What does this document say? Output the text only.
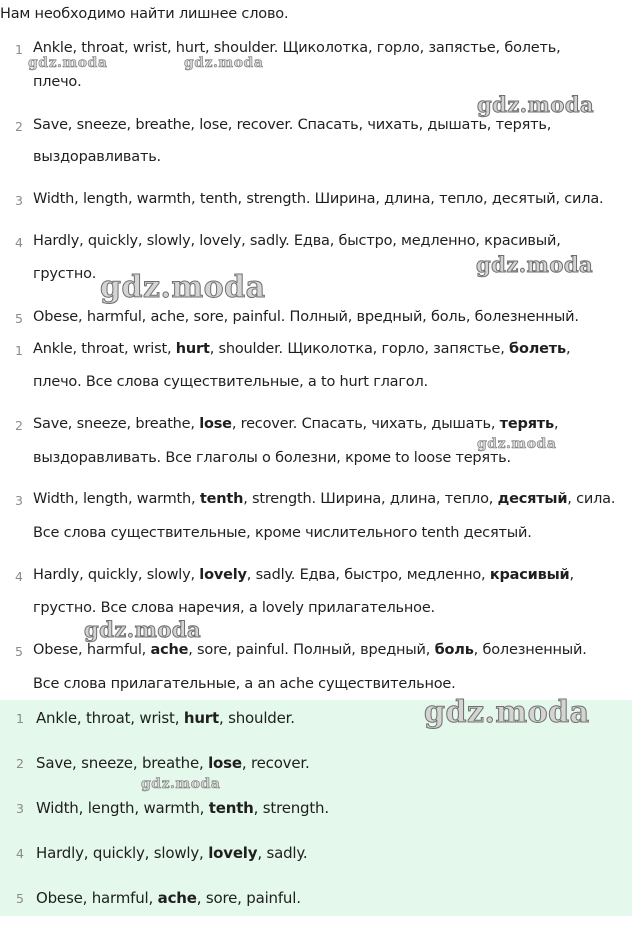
Нам необходимо найти лишнее слово.
1 Ankle, throat, wrist, hurt, shoulder. Щиколотка, горло, запястье, болеть,
плечо.
2 Save, sneeze, breathe, lose, recover. Спасать, чихать, дышать, терять,
выздоравливать.
3 Width, length, warmth, tenth, strength. Ширина, длина, тепло, десятый, сила.
4 Hardly, quickly, slowly, lovely, sadly. Едва, быстро, медленно, красивый,
грустно.
5 Obese, harmful, ache, sore, painful. Полный, вредный, боль, болезненный.
1 Ankle, throat, wrist, hurt, shoulder. Щиколотка, горло, запястье, болеть,
плечо. Все слова существительные, а to hurt глагол.
2 Save, sneeze, breathe, lose, recover. Спасать, чихать, дышать, терять,
выздоравливать. Все глаголы о болезни, кроме to loose терять.
3 Width, length, warmth, tenth, strength. Ширина, длина, тепло, десятый, сила.
Все слова существительные, кроме числительного tenth десятый.
4 Hardly, quickly, slowly, lovely, sadly. Едва, быстро, медленно, красивый,
грустно. Все слова наречия, а lovely прилагательное.
5 Obese, harmful, ache, sore, painful. Полный, вредный, боль, болезненный.
Все слова прилагательные, а an ache существительное.
1 Ankle, throat, wrist, hurt, shoulder.
2 Save, sneeze, breathe, lose, recover.
3 Width, length, warmth, tenth, strength.
4 Hardly, quickly, slowly, lovely, sadly.
5 Obese, harmful, ache, sore, painful.
gdz.moda	gdz.moda
gdz.moda
gdz.moda
gdz.moda
gdz.moda
gdz.moda
gdz.moda
gdz.moda
